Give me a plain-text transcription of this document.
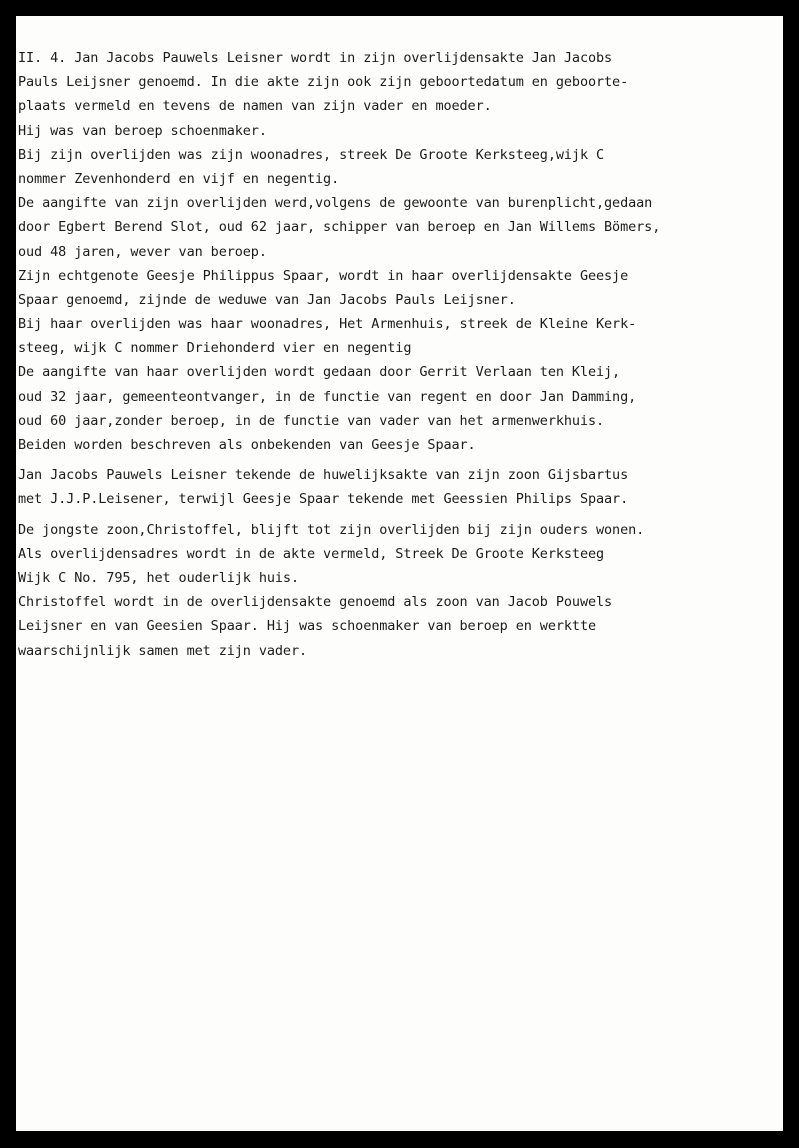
II. 4. Jan Jacobs Pauwels Leisner wordt in zijn overlijdensakte Jan Jacobs
Pauls Leijsner genoemd. In die akte zijn ook zijn geboortedatum en geboorte-
plaats vermeld en tevens de namen van zijn vader en moeder.
Hij was van beroep schoenmaker.
Bij zijn overlijden was zijn woonadres, streek De Groote Kerksteeg,wijk C
nommer Zevenhonderd en vijf en negentig.
De aangifte van zijn overlijden werd,volgens de gewoonte van burenplicht,gedaan
door Egbert Berend Slot, oud 62 jaar, schipper van beroep en Jan Willems Bömers,
oud 48 jaren, wever van beroep.
Zijn echtgenote Geesje Philippus Spaar, wordt in haar overlijdensakte Geesje
Spaar genoemd, zijnde de weduwe van Jan Jacobs Pauls Leijsner.
Bij haar overlijden was haar woonadres, Het Armenhuis, streek de Kleine Kerk-
steeg, wijk C nommer Driehonderd vier en negentig
De aangifte van haar overlijden wordt gedaan door Gerrit Verlaan ten Kleij,
oud 32 jaar, gemeenteontvanger, in de functie van regent en door Jan Damming,
oud 60 jaar,zonder beroep, in de functie van vader van het armenwerkhuis.
Beiden worden beschreven als onbekenden van Geesje Spaar.
Jan Jacobs Pauwels Leisner tekende de huwelijksakte van zijn zoon Gijsbartus
met J.J.P.Leisener, terwijl Geesje Spaar tekende met Geessien Philips Spaar.
De jongste zoon,Christoffel, blijft tot zijn overlijden bij zijn ouders wonen.
Als overlijdensadres wordt in de akte vermeld, Streek De Groote Kerksteeg
Wijk C No. 795, het ouderlijk huis.
Christoffel wordt in de overlijdensakte genoemd als zoon van Jacob Pouwels
Leijsner en van Geesien Spaar. Hij was schoenmaker van beroep en werktte
waarschijnlijk samen met zijn vader.
